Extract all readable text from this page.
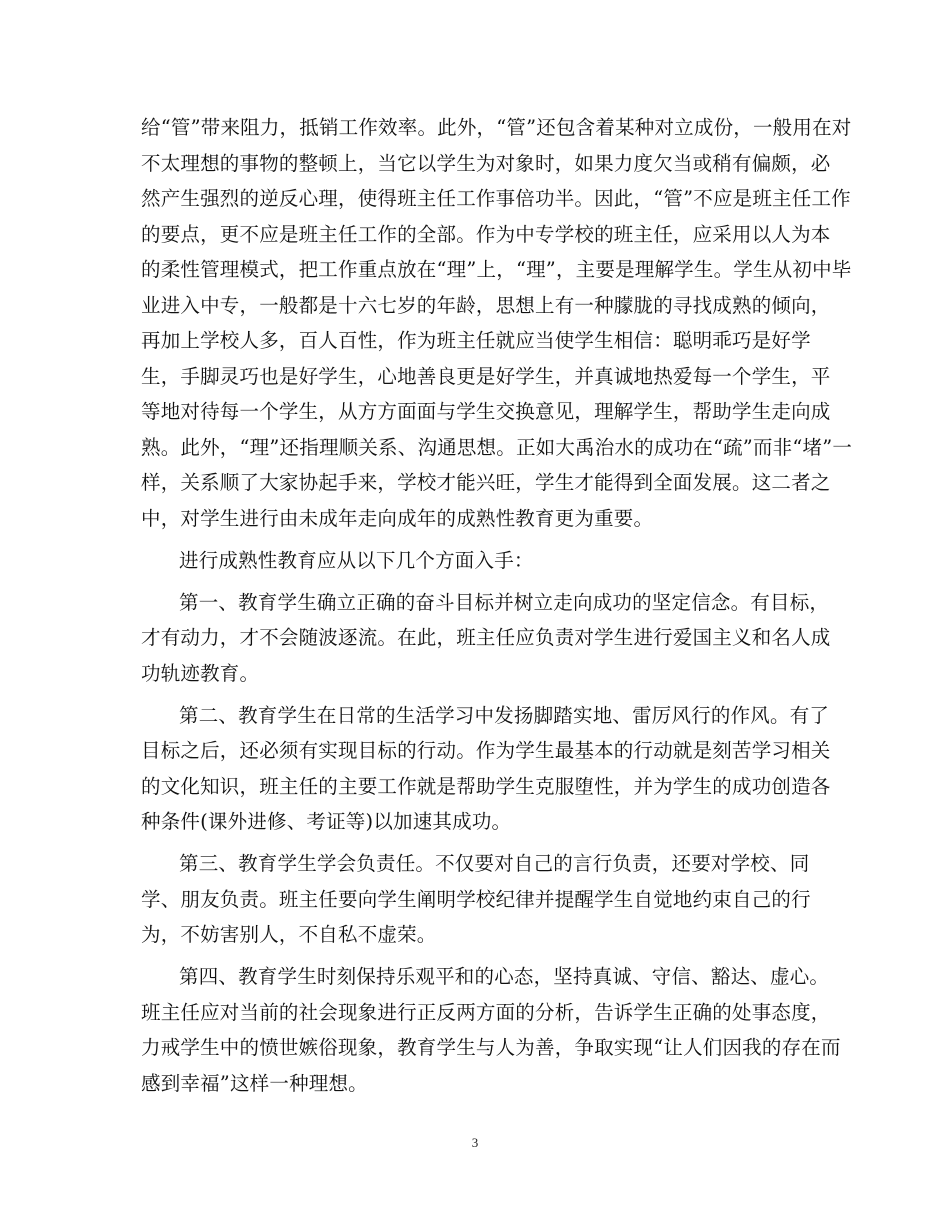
给“管”带来阻力，抵销工作效率。此外，“管”还包含着某种对立成份，一般用在对
不太理想的事物的整顿上，当它以学生为对象时，如果力度欠当或稍有偏颇，必
然产生强烈的逆反心理，使得班主任工作事倍功半。因此，“管”不应是班主任工作
的要点，更不应是班主任工作的全部。作为中专学校的班主任，应采用以人为本
的柔性管理模式，把工作重点放在“理”上，“理”，主要是理解学生。学生从初中毕
业进入中专，一般都是十六七岁的年龄，思想上有一种朦胧的寻找成熟的倾向，
再加上学校人多，百人百性，作为班主任就应当使学生相信：聪明乖巧是好学
生，手脚灵巧也是好学生，心地善良更是好学生，并真诚地热爱每一个学生，平
等地对待每一个学生，从方方面面与学生交换意见，理解学生，帮助学生走向成
熟。此外，“理”还指理顺关系、沟通思想。正如大禹治水的成功在“疏”而非“堵”一
样，关系顺了大家协起手来，学校才能兴旺，学生才能得到全面发展。这二者之
中，对学生进行由未成年走向成年的成熟性教育更为重要。
进行成熟性教育应从以下几个方面入手：
第一、教育学生确立正确的奋斗目标并树立走向成功的坚定信念。有目标，
才有动力，才不会随波逐流。在此，班主任应负责对学生进行爱国主义和名人成
功轨迹教育。
第二、教育学生在日常的生活学习中发扬脚踏实地、雷厉风行的作风。有了
目标之后，还必须有实现目标的行动。作为学生最基本的行动就是刻苦学习相关
的文化知识，班主任的主要工作就是帮助学生克服堕性，并为学生的成功创造各
种条件(课外进修、考证等)以加速其成功。
第三、教育学生学会负责任。不仅要对自己的言行负责，还要对学校、同
学、朋友负责。班主任要向学生阐明学校纪律并提醒学生自觉地约束自己的行
为，不妨害别人，不自私不虚荣。
第四、教育学生时刻保持乐观平和的心态，坚持真诚、守信、豁达、虚心。
班主任应对当前的社会现象进行正反两方面的分析，告诉学生正确的处事态度，
力戒学生中的愤世嫉俗现象，教育学生与人为善，争取实现“让人们因我的存在而
感到幸福”这样一种理想。
3
